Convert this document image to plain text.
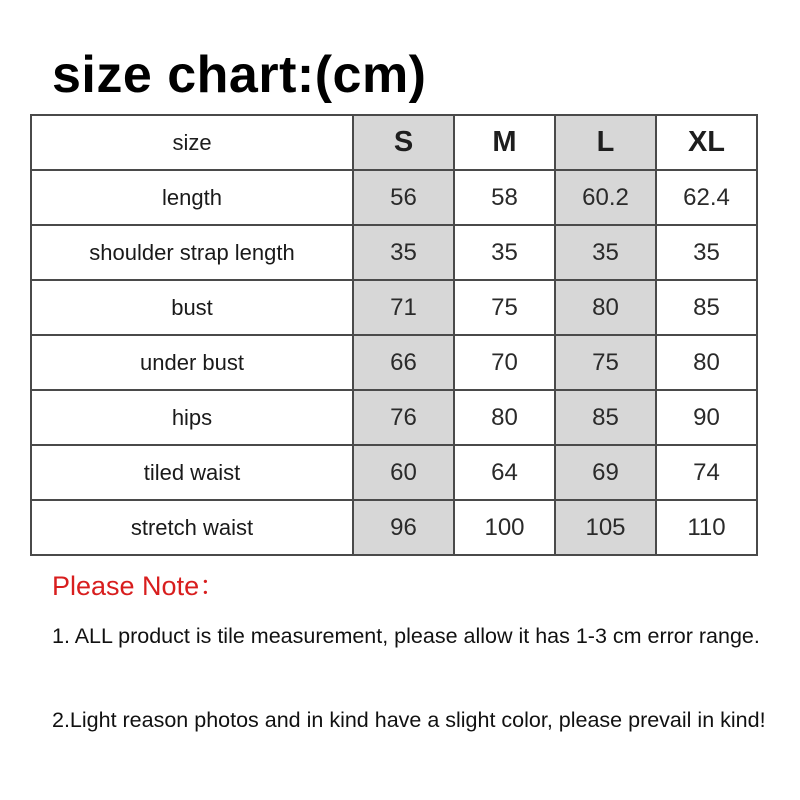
size chart:(cm)
size	S	M	L	XL
length	56	58	60.2	62.4
shoulder strap length	35	35	35	35
bust	71	75	80	85
under bust	66	70	75	80
hips	76	80	85	90
tiled waist	60	64	69	74
stretch waist	96	100	105	110
Please Note：
1. ALL product is tile measurement, please allow it has 1-3 cm error range.
2.Light reason photos and in kind have a slight color, please prevail in kind!
